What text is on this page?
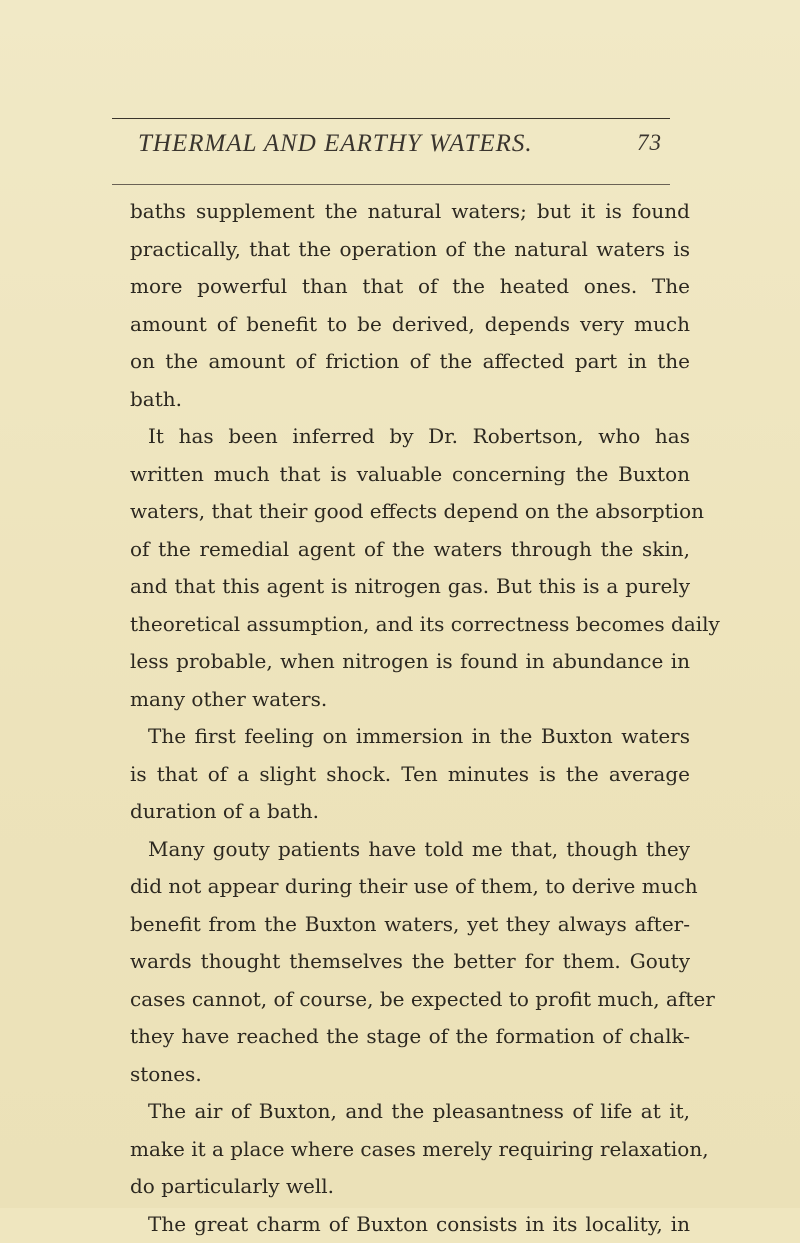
THERMAL AND EARTHY WATERS.	73
baths supplement the natural waters; but it is found
practically, that the operation of the natural waters is
more powerful than that of the heated ones. The
amount of benefit to be derived, depends very much
on the amount of friction of the affected part in the
bath.
It has been inferred by Dr. Robertson, who has
written much that is valuable concerning the Buxton
waters, that their good effects depend on the absorption
of the remedial agent of the waters through the skin,
and that this agent is nitrogen gas. But this is a purely
theoretical assumption, and its correctness becomes daily
less probable, when nitrogen is found in abundance in
many other waters.
The first feeling on immersion in the Buxton waters
is that of a slight shock. Ten minutes is the average
duration of a bath.
Many gouty patients have told me that, though they
did not appear during their use of them, to derive much
benefit from the Buxton waters, yet they always after-
wards thought themselves the better for them. Gouty
cases cannot, of course, be expected to profit much, after
they have reached the stage of the formation of chalk-
stones.
The air of Buxton, and the pleasantness of life at it,
make it a place where cases merely requiring relaxation,
do particularly well.
The great charm of Buxton consists in its locality, in
